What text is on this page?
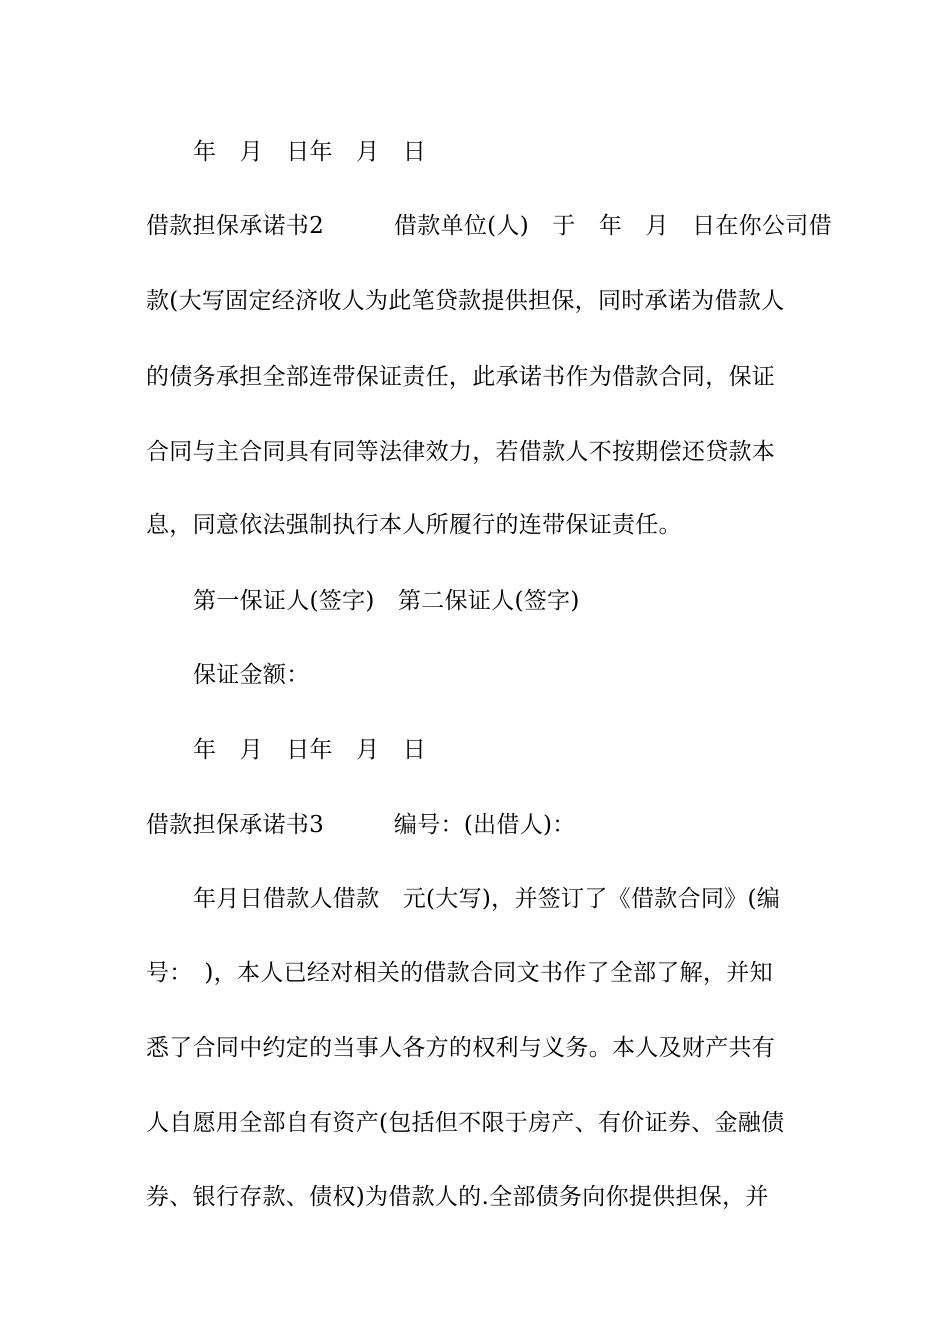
年　月　日年　月　日
借款担保承诺书2　　　借款单位(人)　于　年　月　日在你公司借
款(大写固定经济收人为此笔贷款提供担保，同时承诺为借款人
的债务承担全部连带保证责任，此承诺书作为借款合同，保证
合同与主合同具有同等法律效力，若借款人不按期偿还贷款本
息，同意依法强制执行本人所履行的连带保证责任。
第一保证人(签字)　第二保证人(签字)
保证金额：
年　月　日年　月　日
借款担保承诺书3　　　编号：(出借人)：
年月日借款人借款　元(大写)，并签订了《借款合同》(编
号：　)，本人已经对相关的借款合同文书作了全部了解，并知
悉了合同中约定的当事人各方的权利与义务。本人及财产共有
人自愿用全部自有资产(包括但不限于房产、有价证券、金融债
券、银行存款、债权)为借款人的.全部债务向你提供担保，并
